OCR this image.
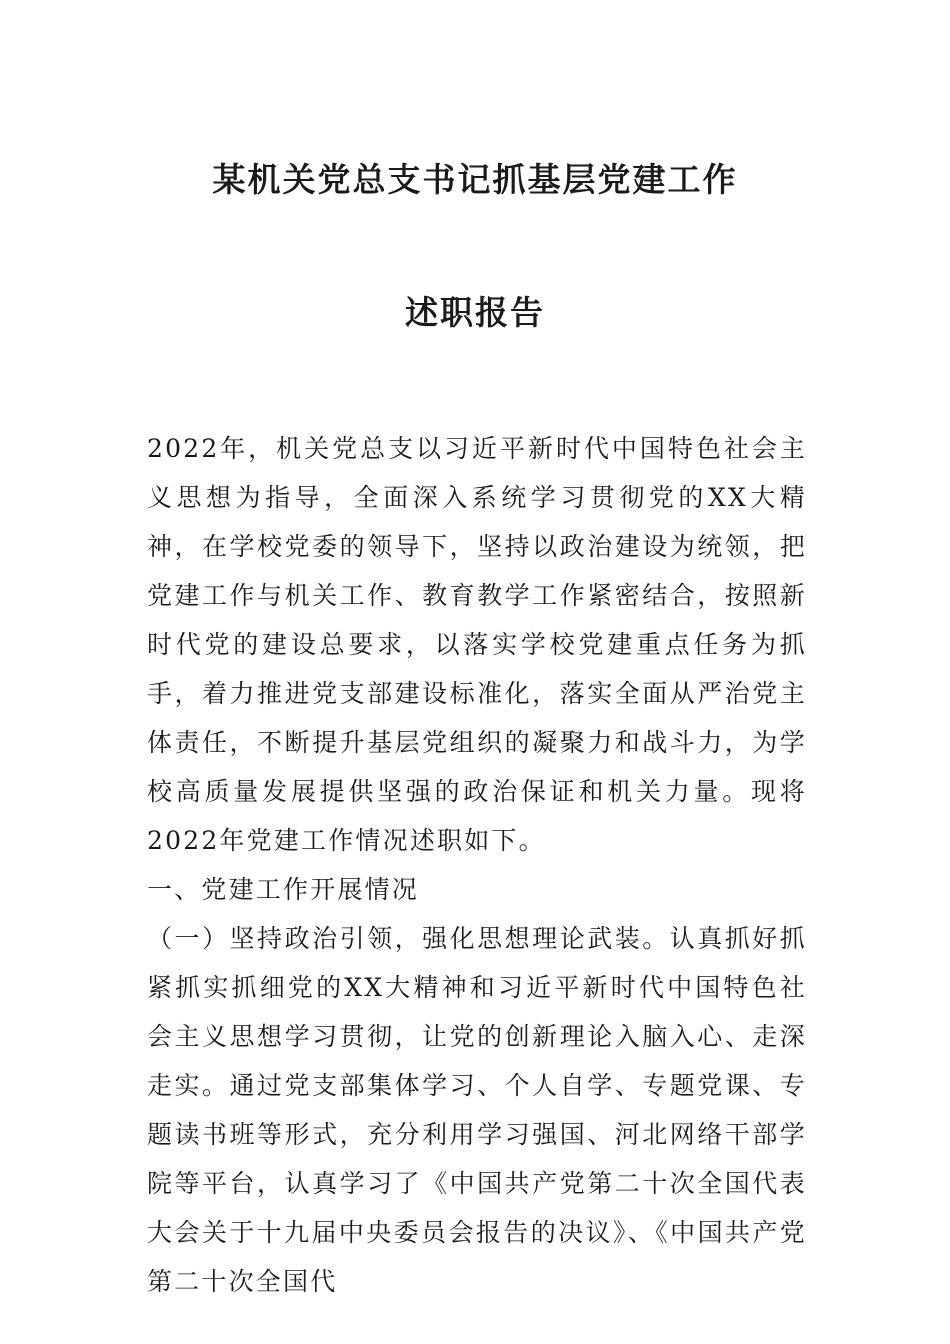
某机关党总支书记抓基层党建工作
述职报告

2022年，机关党总支以习近平新时代中国特色社会主义思想为指导，全面深入系统学习贯彻党的XX大精神，在学校党委的领导下，坚持以政治建设为统领，把党建工作与机关工作、教育教学工作紧密结合，按照新时代党的建设总要求，以落实学校党建重点任务为抓手，着力推进党支部建设标准化，落实全面从严治党主体责任，不断提升基层党组织的凝聚力和战斗力，为学校高质量发展提供坚强的政治保证和机关力量。现将2022年党建工作情况述职如下。

一、党建工作开展情况

（一）坚持政治引领，强化思想理论武装。认真抓好抓紧抓实抓细党的XX大精神和习近平新时代中国特色社会主义思想学习贯彻，让党的创新理论入脑入心、走深走实。通过党支部集体学习、个人自学、专题党课、专题读书班等形式，充分利用学习强国、河北网络干部学院等平台，认真学习了《中国共产党第二十次全国代表大会关于十九届中央委员会报告的决议》、《中国共产党第二十次全国代
